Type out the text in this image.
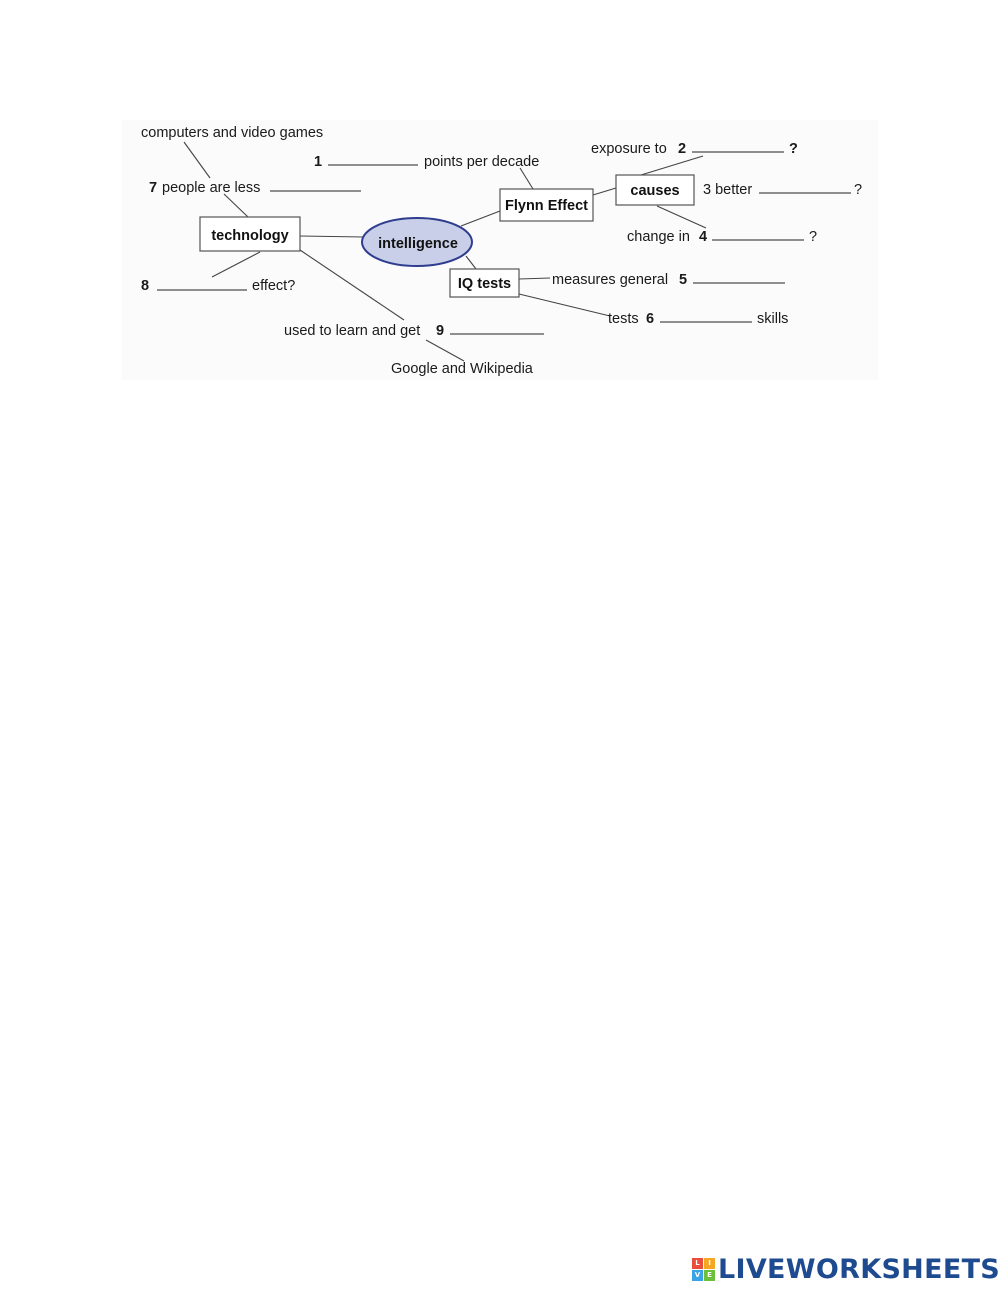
intelligence
technology
Flynn Effect
causes
IQ tests
computers and video games
7 people are less
8	effect?
used to learn and get 9
Google and Wikipedia
1	points per decade
exposure to 2	?
3 better	?
change in 4	?
measures general 5
tests 6	skills
L	I
V E LIVEWORKSHEETS
